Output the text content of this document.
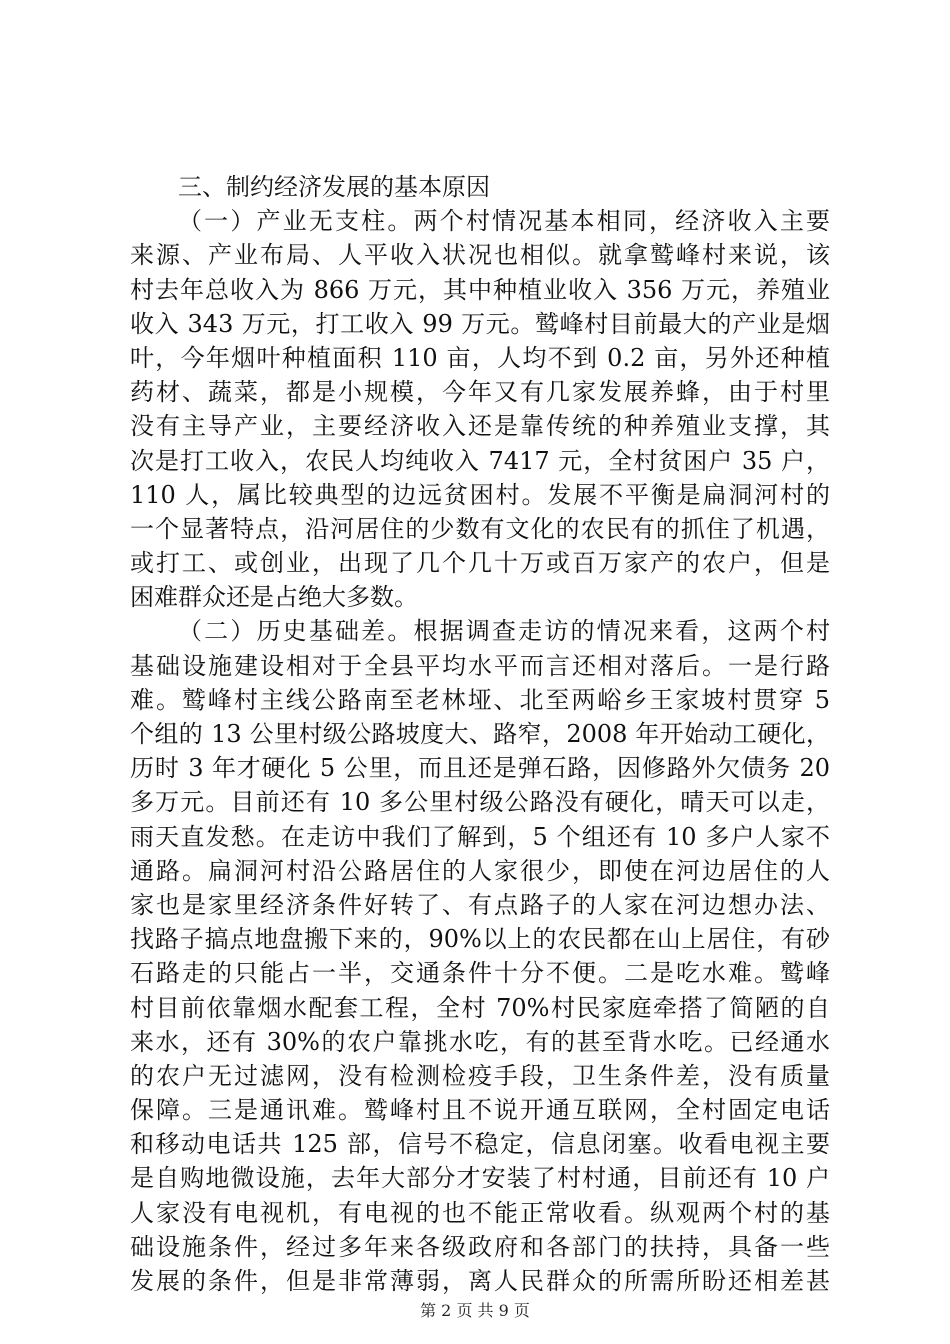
三、制约经济发展的基本原因
（一）产业无支柱。两个村情况基本相同，经济收入主要
来源、产业布局、人平收入状况也相似。就拿鹫峰村来说，该
村去年总收入为 866 万元，其中种植业收入 356 万元，养殖业
收入 343 万元，打工收入 99 万元。鹫峰村目前最大的产业是烟
叶，今年烟叶种植面积 110 亩，人均不到 0.2 亩，另外还种植
药材、蔬菜，都是小规模，今年又有几家发展养蜂，由于村里
没有主导产业，主要经济收入还是靠传统的种养殖业支撑，其
次是打工收入，农民人均纯收入 7417 元，全村贫困户 35 户，
110 人，属比较典型的边远贫困村。发展不平衡是扁洞河村的
一个显著特点，沿河居住的少数有文化的农民有的抓住了机遇，
或打工、或创业，出现了几个几十万或百万家产的农户，但是
困难群众还是占绝大多数。
（二）历史基础差。根据调查走访的情况来看，这两个村
基础设施建设相对于全县平均水平而言还相对落后。一是行路
难。鹫峰村主线公路南至老林垭、北至两峪乡王家坡村贯穿 5
个组的 13 公里村级公路坡度大、路窄，2008 年开始动工硬化，
历时 3 年才硬化 5 公里，而且还是弹石路，因修路外欠债务 20
多万元。目前还有 10 多公里村级公路没有硬化，晴天可以走，
雨天直发愁。在走访中我们了解到，5 个组还有 10 多户人家不
通路。扁洞河村沿公路居住的人家很少，即使在河边居住的人
家也是家里经济条件好转了、有点路子的人家在河边想办法、
找路子搞点地盘搬下来的，90%以上的农民都在山上居住，有砂
石路走的只能占一半，交通条件十分不便。二是吃水难。鹫峰
村目前依靠烟水配套工程，全村 70%村民家庭牵搭了简陋的自
来水，还有 30%的农户靠挑水吃，有的甚至背水吃。已经通水
的农户无过滤网，没有检测检疫手段，卫生条件差，没有质量
保障。三是通讯难。鹫峰村且不说开通互联网，全村固定电话
和移动电话共 125 部，信号不稳定，信息闭塞。收看电视主要
是自购地微设施，去年大部分才安装了村村通，目前还有 10 户
人家没有电视机，有电视的也不能正常收看。纵观两个村的基
础设施条件，经过多年来各级政府和各部门的扶持，具备一些
发展的条件，但是非常薄弱，离人民群众的所需所盼还相差甚
第 2 页 共 9 页
